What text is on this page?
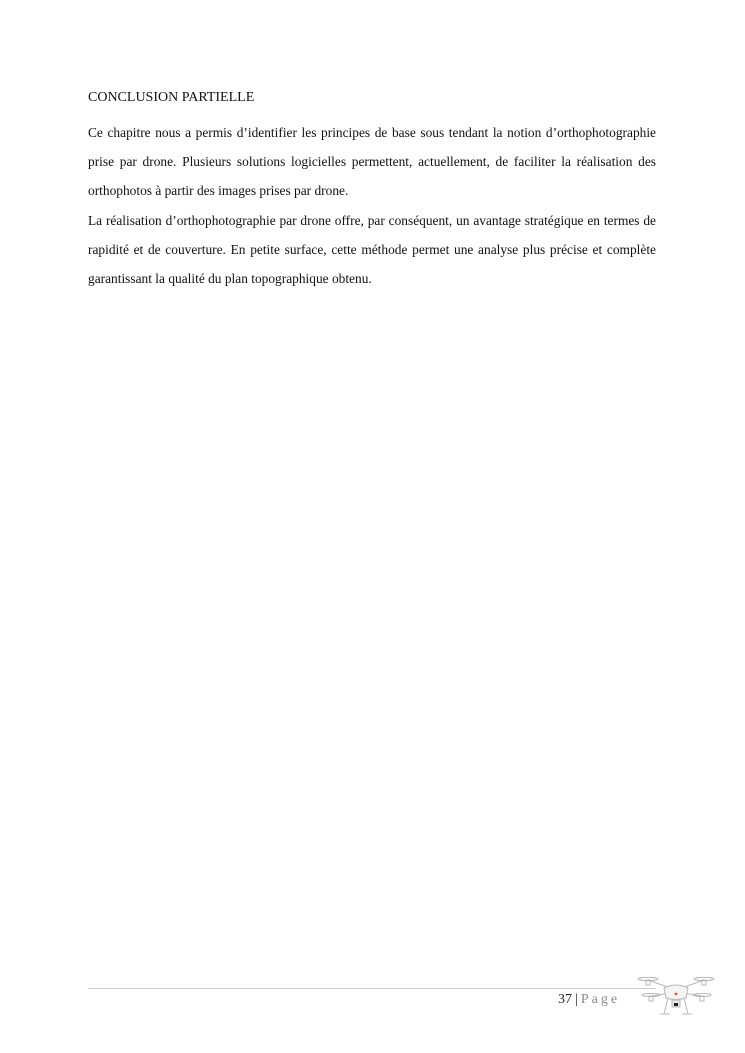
CONCLUSION PARTIELLE

Ce chapitre nous a permis d’identifier les principes de base sous tendant la notion d’orthophotographie prise par drone. Plusieurs solutions logicielles permettent, actuellement, de faciliter la réalisation des orthophotos à partir des images prises par drone.

La réalisation d’orthophotographie par drone offre, par conséquent, un avantage stratégique en termes de rapidité et de couverture. En petite surface, cette méthode permet une analyse plus précise et complète garantissant la qualité du plan topographique obtenu.

37 | Page
